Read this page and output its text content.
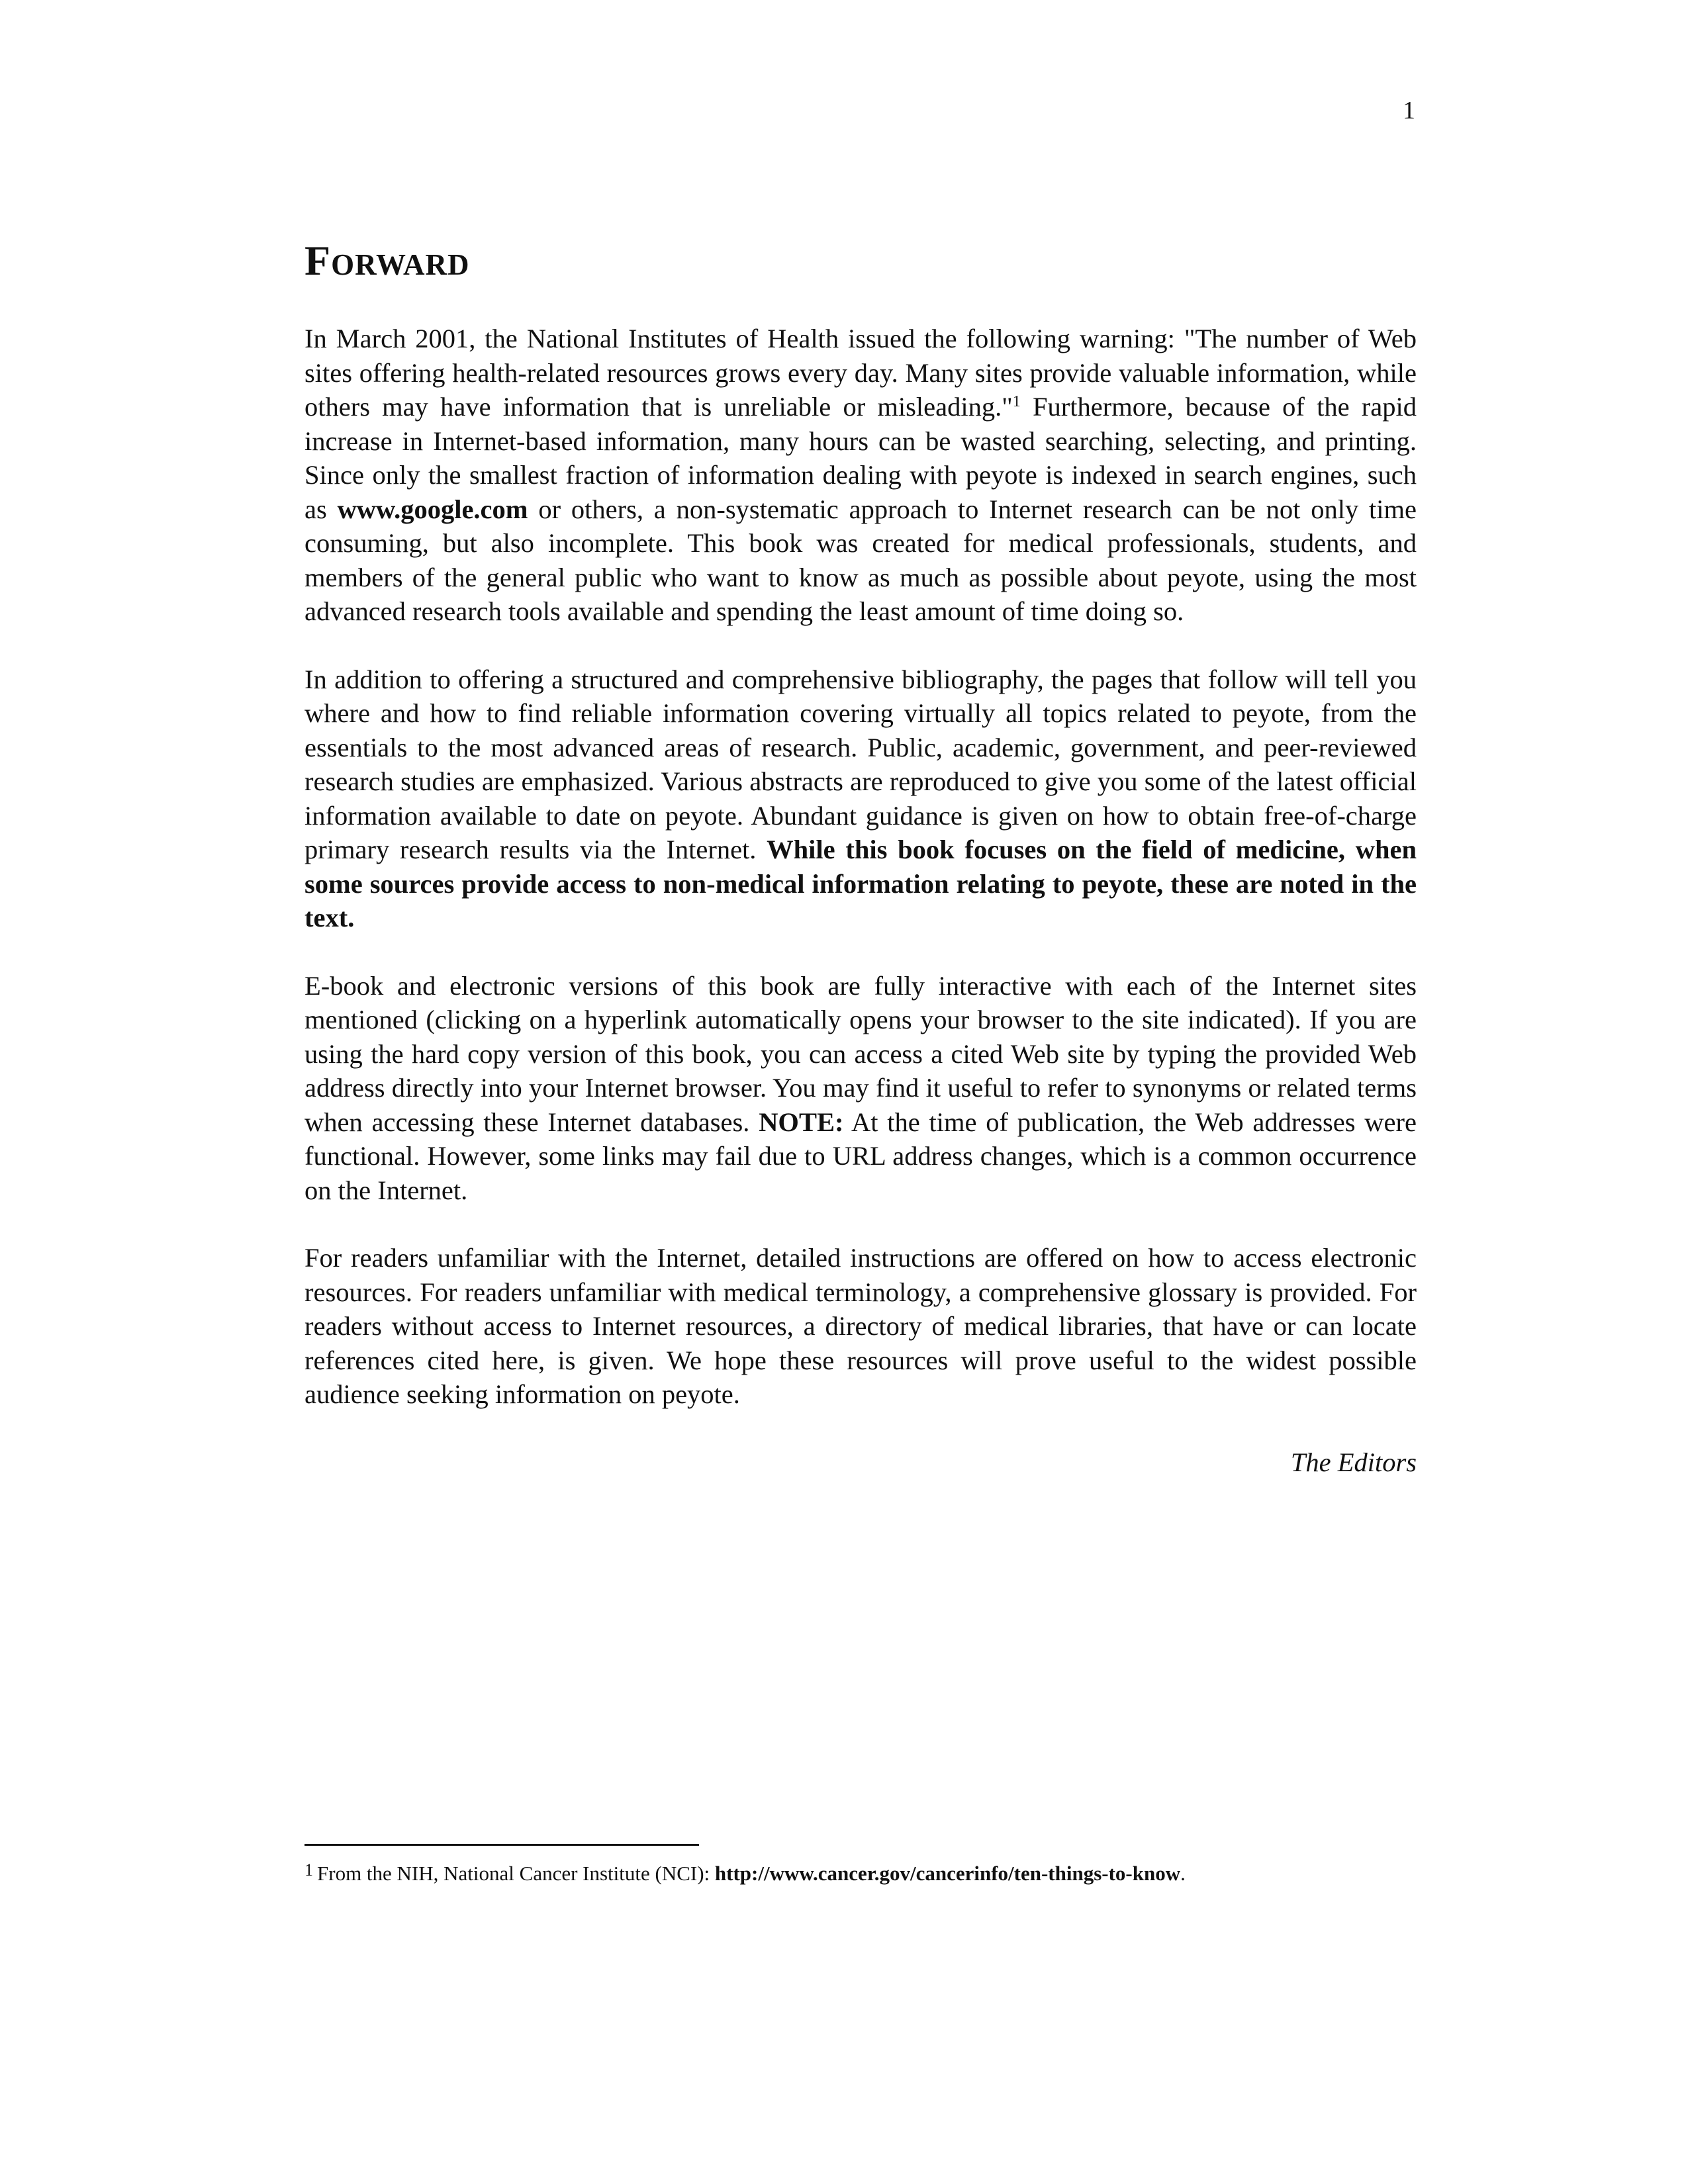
1
Forward

In March 2001, the National Institutes of Health issued the following warning: "The number of Web sites offering health-related resources grows every day. Many sites provide valuable information, while others may have information that is unreliable or misleading."$^1$ Furthermore, because of the rapid increase in Internet-based information, many hours can be wasted searching, selecting, and printing. Since only the smallest fraction of information dealing with peyote is indexed in search engines, such as www.google.com or others, a non-systematic approach to Internet research can be not only time consuming, but also incomplete. This book was created for medical professionals, students, and members of the general public who want to know as much as possible about peyote, using the most advanced research tools available and spending the least amount of time doing so.

In addition to offering a structured and comprehensive bibliography, the pages that follow will tell you where and how to find reliable information covering virtually all topics related to peyote, from the essentials to the most advanced areas of research. Public, academic, government, and peer-reviewed research studies are emphasized. Various abstracts are reproduced to give you some of the latest official information available to date on peyote. Abundant guidance is given on how to obtain free-of-charge primary research results via the Internet. While this book focuses on the field of medicine, when some sources provide access to non-medical information relating to peyote, these are noted in the text.

E-book and electronic versions of this book are fully interactive with each of the Internet sites mentioned (clicking on a hyperlink automatically opens your browser to the site indicated). If you are using the hard copy version of this book, you can access a cited Web site by typing the provided Web address directly into your Internet browser. You may find it useful to refer to synonyms or related terms when accessing these Internet databases. NOTE: At the time of publication, the Web addresses were functional. However, some links may fail due to URL address changes, which is a common occurrence on the Internet.

For readers unfamiliar with the Internet, detailed instructions are offered on how to access electronic resources. For readers unfamiliar with medical terminology, a comprehensive glossary is provided. For readers without access to Internet resources, a directory of medical libraries, that have or can locate references cited here, is given. We hope these resources will prove useful to the widest possible audience seeking information on peyote.

The Editors

$^1$ From the NIH, National Cancer Institute (NCI): http://www.cancer.gov/cancerinfo/ten-things-to-know.
